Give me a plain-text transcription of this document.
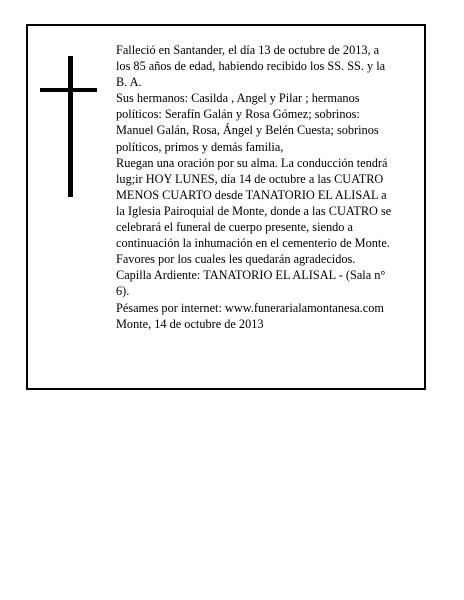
Falleció en Santander, el día 13 de octubre de 2013, a
los 85 años de edad, habiendo recibido los SS. SS. y la
B. A.
Sus hermanos: Casilda , Angel y Pilar ; hermanos
políticos: Serafín Galán y Rosa Gómez; sobrinos:
Manuel Galán, Rosa, Ángel y Belén Cuesta; sobrinos
políticos, primos y demás familia,
Ruegan una oración por su alma. La conducción tendrá
lug;ir HOY LUNES, día 14 de octubre a las CUATRO
MENOS CUARTO desde TANATORIO EL ALISAL a
la Iglesia Pairoquial de Monte, donde a las CUATRO se
celebrará el funeral de cuerpo presente, siendo a
continuación la inhumación en el cementerio de Monte.
Favores por los cuales les quedarán agradecidos.
Capilla Ardiente: TANATORIO EL ALISAL - (Sala n°
6).
Pésames por internet: www.funerarialamontanesa.com
Monte, 14 de octubre de 2013
